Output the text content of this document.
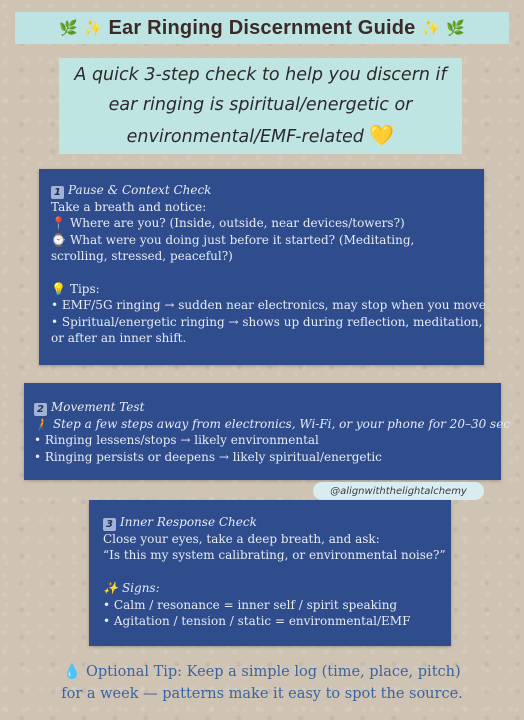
🌿 ✨ Ear Ringing Discernment Guide ✨ 🌿
A quick 3-step check to help you discern if
ear ringing is spiritual/energetic or
environmental/EMF-related 💛
1 Pause & Context Check
Take a breath and notice:
📍 Where are you? (Inside, outside, near devices/towers?)
⌚ What were you doing just before it started? (Meditating,
scrolling, stressed, peaceful?)
💡 Tips:
• EMF/5G ringing → sudden near electronics, may stop when you move
• Spiritual/energetic ringing → shows up during reflection, meditation,
or after an inner shift.
2 Movement Test
🚶 Step a few steps away from electronics, Wi-Fi, or your phone for 20–30 sec
• Ringing lessens/stops → likely environmental
• Ringing persists or deepens → likely spiritual/energetic
@alignwiththelightalchemy
3 Inner Response Check
Close your eyes, take a deep breath, and ask:
“Is this my system calibrating, or environmental noise?”
✨ Signs:
• Calm / resonance = inner self / spirit speaking
• Agitation / tension / static = environmental/EMF
💧 Optional Tip: Keep a simple log (time, place, pitch)
for a week — patterns make it easy to spot the source.
